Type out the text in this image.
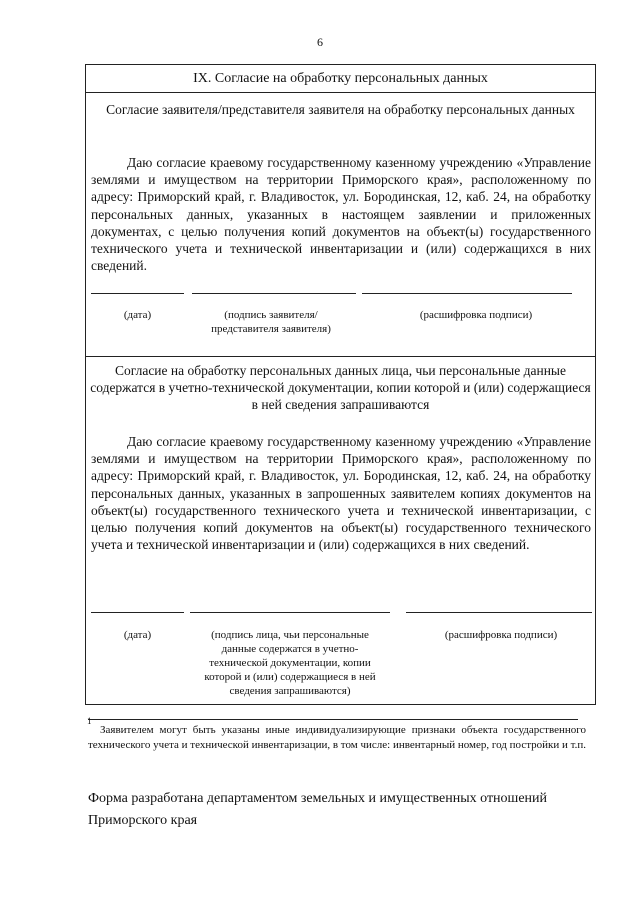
6
IX. Согласие на обработку персональных данных
Согласие заявителя/представителя заявителя на обработку персональных данных
Даю согласие краевому государственному казенному учреждению «Управление землями и имуществом на территории Приморского края», расположенному по адресу: Приморский край, г. Владивосток, ул. Бородинская, 12, каб. 24, на обработку персональных данных, указанных в настоящем заявлении и приложенных документах, с целью получения копий документов на объект(ы) государственного технического учета и технической инвентаризации и (или) содержащихся в них сведений.
(дата)	(подпись заявителя/представителя заявителя)
(расшифровка подписи)
Согласие на обработку персональных данных лица, чьи персональные данные содержатся в учетно-технической документации, копии которой и (или) содержащиеся в ней сведения запрашиваются
Даю согласие краевому государственному казенному учреждению «Управление землями и имуществом на территории Приморского края», расположенному по адресу: Приморский край, г. Владивосток, ул. Бородинская, 12, каб. 24, на обработку персональных данных, указанных в запрошенных заявителем копиях документов на объект(ы) государственного технического учета и технической инвентаризации, с целью получения копий документов на объект(ы) государственного технического учета и технической инвентаризации и (или) содержащихся в них сведений.
(дата)	(подпись лица, чьи персональные данные содержатся в учетно-технической документации, копии которой и (или) содержащиеся в ней сведения запрашиваются)
(расшифровка подписи)
1
Заявителем могут быть указаны иные индивидуализирующие признаки объекта государственного технического учета и технической инвентаризации, в том числе: инвентарный номер, год постройки и т.п.
Форма разработана департаментом земельных и имущественных отношений Приморского края
